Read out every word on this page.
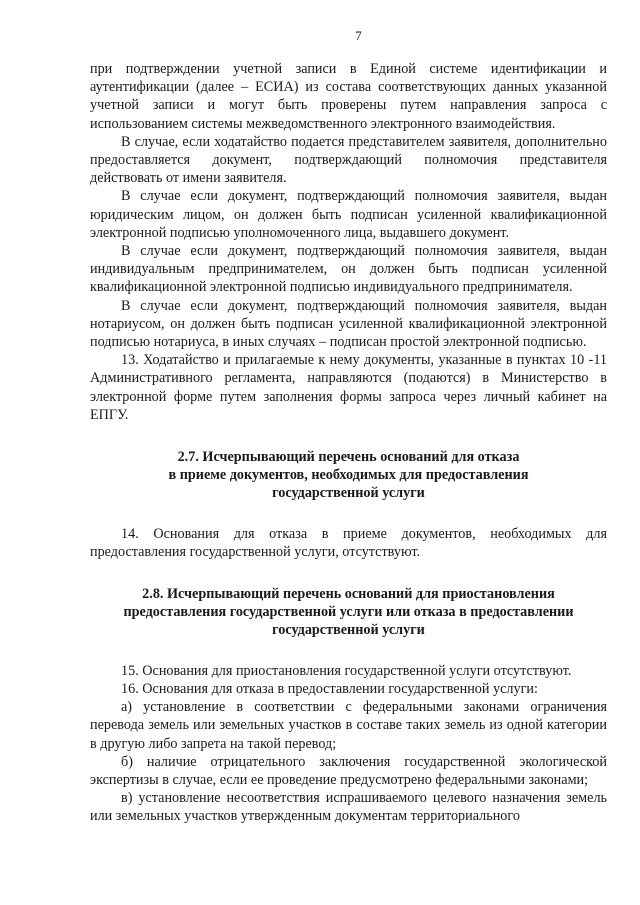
7

при подтверждении учетной записи в Единой системе идентификации и аутентификации (далее – ЕСИА) из состава соответствующих данных указанной учетной записи и могут быть проверены путем направления запроса с использованием системы межведомственного электронного взаимодействия.

В случае, если ходатайство подается представителем заявителя, дополнительно предоставляется документ, подтверждающий полномочия представителя действовать от имени заявителя.

В случае если документ, подтверждающий полномочия заявителя, выдан юридическим лицом, он должен быть подписан усиленной квалификационной электронной подписью уполномоченного лица, выдавшего документ.

В случае если документ, подтверждающий полномочия заявителя, выдан индивидуальным предпринимателем, он должен быть подписан усиленной квалификационной электронной подписью индивидуального предпринимателя.

В случае если документ, подтверждающий полномочия заявителя, выдан нотариусом, он должен быть подписан усиленной квалификационной электронной подписью нотариуса, в иных случаях – подписан простой электронной подписью.

13. Ходатайство и прилагаемые к нему документы, указанные в пунктах 10 -11 Административного регламента, направляются (подаются) в Министерство в электронной форме путем заполнения формы запроса через личный кабинет на ЕПГУ.

2.7. Исчерпывающий перечень оснований для отказа

в приеме документов, необходимых для предоставления

государственной услуги

14. Основания для отказа в приеме документов, необходимых для предоставления государственной услуги, отсутствуют.

2.8. Исчерпывающий перечень оснований для приостановления

предоставления государственной услуги или отказа в предоставлении

государственной услуги

15. Основания для приостановления государственной услуги отсутствуют.

16. Основания для отказа в предоставлении государственной услуги:

а) установление в соответствии с федеральными законами ограничения перевода земель или земельных участков в составе таких земель из одной категории в другую либо запрета на такой перевод;

б) наличие отрицательного заключения государственной экологической экспертизы в случае, если ее проведение предусмотрено федеральными законами;

в) установление несоответствия испрашиваемого целевого назначения земель или земельных участков утвержденным документам территориального
